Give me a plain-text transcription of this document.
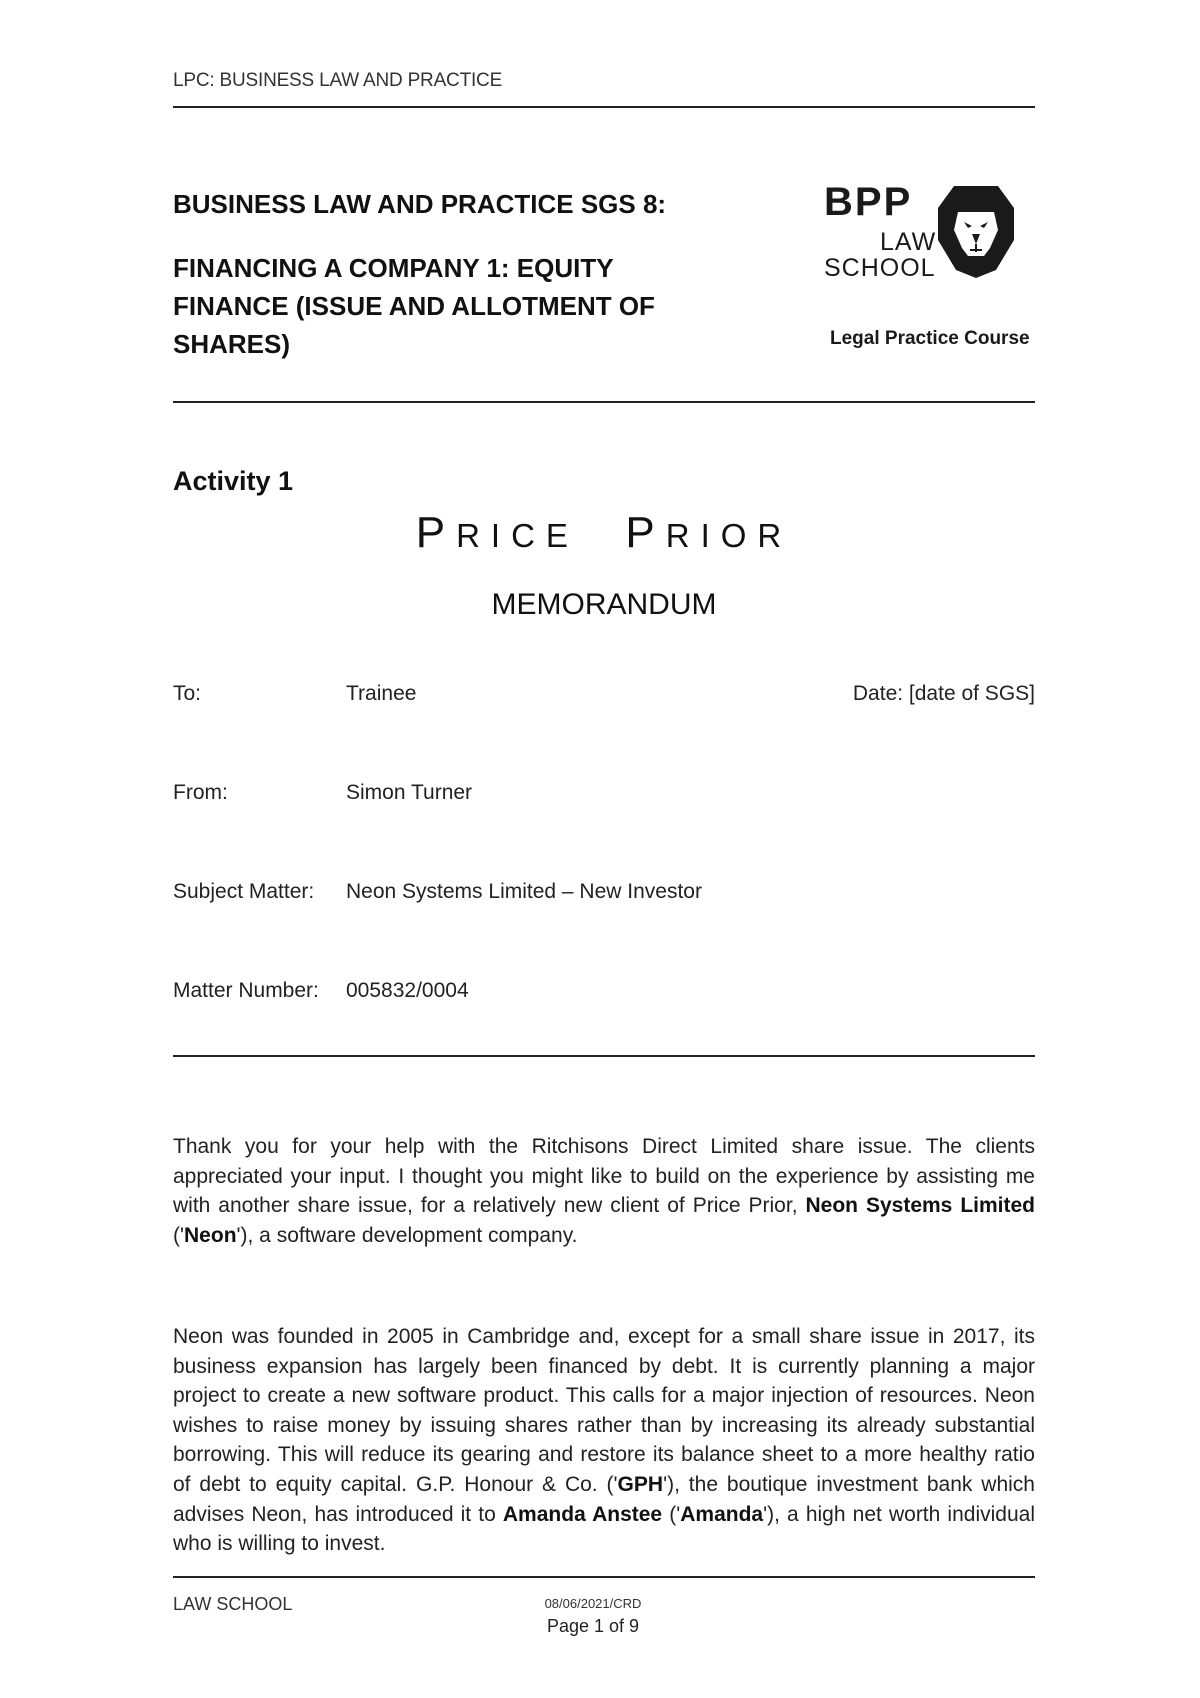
LPC: BUSINESS LAW AND PRACTICE
BUSINESS LAW AND PRACTICE SGS 8:
FINANCING A COMPANY 1: EQUITY FINANCE (ISSUE AND ALLOTMENT OF SHARES)
BPP
LAW
SCHOOL
Legal Practice Course
Activity 1
PRICE PRIOR
MEMORANDUM
To:	Trainee	Date: [date of SGS]
From:	Simon Turner
Subject Matter: Neon Systems Limited – New Investor
Matter Number: 005832/0004
Thank you for your help with the Ritchisons Direct Limited share issue. The clients appreciated your input. I thought you might like to build on the experience by assisting me with another share issue, for a relatively new client of Price Prior, Neon Systems Limited ('Neon'), a software development company.
Neon was founded in 2005 in Cambridge and, except for a small share issue in 2017, its business expansion has largely been financed by debt. It is currently planning a major project to create a new software product. This calls for a major injection of resources. Neon wishes to raise money by issuing shares rather than by increasing its already substantial borrowing. This will reduce its gearing and restore its balance sheet to a more healthy ratio of debt to equity capital. G.P. Honour & Co. ('GPH'), the boutique investment bank which advises Neon, has introduced it to Amanda Anstee ('Amanda'), a high net worth individual who is willing to invest.
LAW SCHOOL	08/06/2021/CRD
Page 1 of 9
